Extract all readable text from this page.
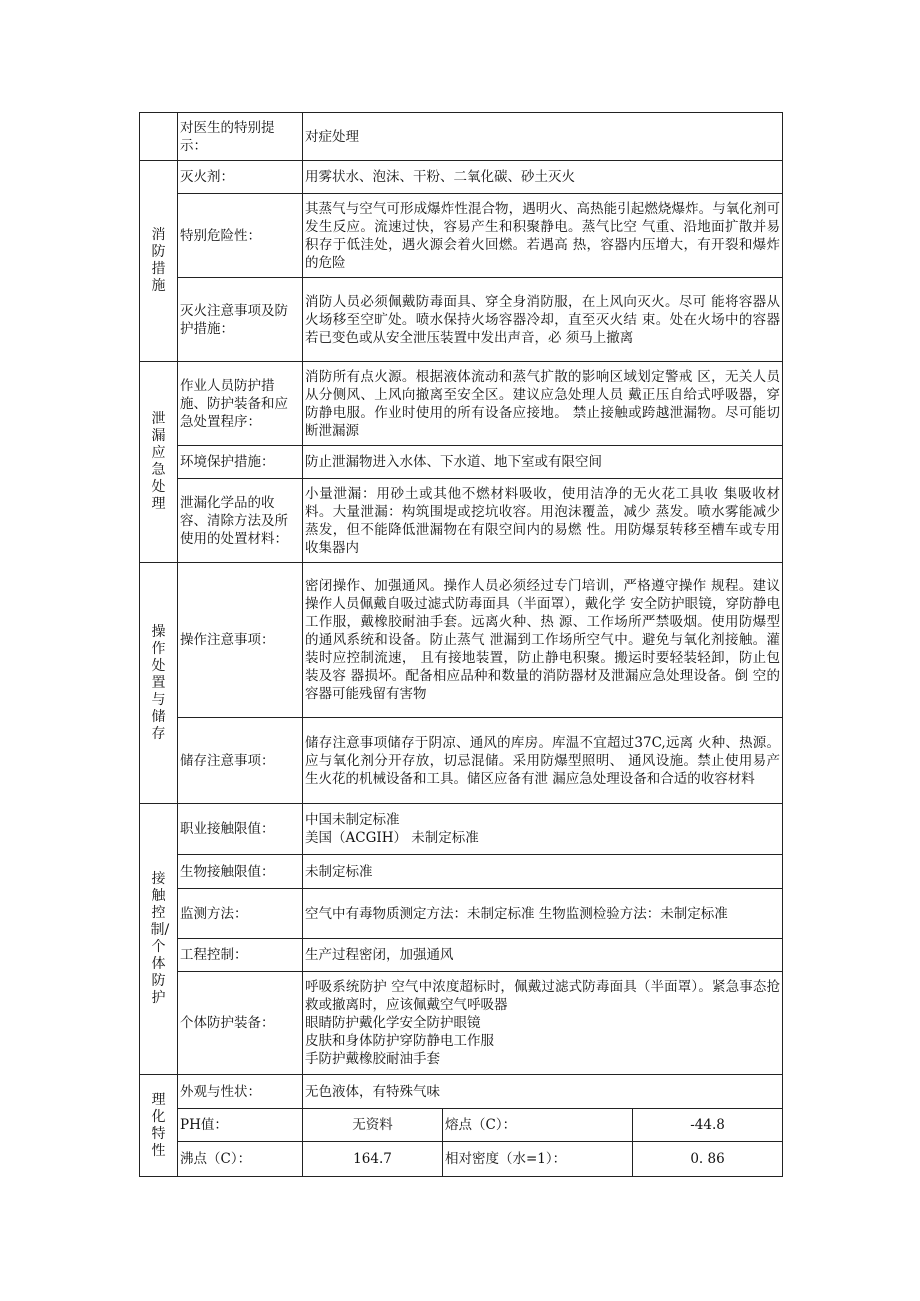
	对医生的特别提示：	对症处理		

消防措施	灭火剂：	用雾状水、泡沫、干粉、二氧化碳、砂土灭火		
	特别危险性：	其蒸气与空气可形成爆炸性混合物，遇明火、高热能引起燃烧爆炸。与氧化剂可发生反应。流速过快，容易产生和积聚静电。蒸气比空 气重、沿地面扩散并易积存于低洼处，遇火源会着火回燃。若遇高 热，容器内压增大，有开裂和爆炸的危险		
	灭火注意事项及防护措施：	消防人员必须佩戴防毒面具、穿全身消防服，在上风向灭火。尽可 能将容器从火场移至空旷处。喷水保持火场容器冷却，直至灭火结 束。处在火场中的容器若已变色或从安全泄压装置中发出声音，必 须马上撤离		

泄漏应急处理	作业人员防护措施、防护装备和应急处置程序：	消防所有点火源。根据液体流动和蒸气扩散的影响区域划定警戒 区，无关人员从分侧风、上风向撤离至安全区。建议应急处理人员 戴正压自给式呼吸器，穿防静电服。作业时使用的所有设备应接地。 禁止接触或跨越泄漏物。尽可能切断泄漏源		
	环境保护措施：	防止泄漏物进入水体、下水道、地下室或有限空间		
	泄漏化学品的收容、清除方法及所使用的处置材料：	小量泄漏：用砂土或其他不燃材料吸收，使用洁净的无火花工具收 集吸收材料。大量泄漏：构筑围堤或挖坑收容。用泡沫覆盖，减少 蒸发。喷水雾能减少蒸发，但不能降低泄漏物在有限空间内的易燃 性。用防爆泵转移至槽车或专用收集器内		

操作处置与储存	操作注意事项：	密闭操作、加强通风。操作人员必须经过专门培训，严格遵守操作 规程。建议操作人员佩戴自吸过滤式防毒面具（半面罩），戴化学 安全防护眼镜，穿防静电工作服，戴橡胶耐油手套。远离火种、热 源、工作场所严禁吸烟。使用防爆型的通风系统和设备。防止蒸气 泄漏到工作场所空气中。避免与氧化剂接触。灌装时应控制流速， 且有接地装置，防止静电积聚。搬运时要轻装轻卸，防止包装及容 器损坏。配备相应品种和数量的消防器材及泄漏应急处理设备。倒 空的容器可能残留有害物		
	储存注意事项：	储存注意事项储存于阴凉、通风的库房。库温不宜超过37C,远离 火种、热源。应与氧化剂分开存放，切忌混储。采用防爆型照明、 通风设施。禁止使用易产生火花的机械设备和工具。储区应备有泄 漏应急处理设备和合适的收容材料		

接触控制/个体防护	职业接触限值：	中国未制定标准
美国（ACGIH） 未制定标准		

	生物接触限值：	未制定标准		
	监测方法：	空气中有毒物质测定方法：未制定标准 生物监测检验方法：未制定标准		
	工程控制：	生产过程密闭，加强通风		
	个体防护装备：	呼吸系统防护 空气中浓度超标时，佩戴过滤式防毒面具（半面罩）。紧急事态抢救或撤离时，应该佩戴空气呼吸器
眼睛防护戴化学安全防护眼镜
皮肤和身体防护穿防静电工作服
手防护戴橡胶耐油手套		

理化特性	外观与性状：	无色液体，有特殊气味		
	PH值：	无资料	熔点（C）：	-44.8
	沸点（C）：	164.7	相对密度（水=1）：	0. 86
